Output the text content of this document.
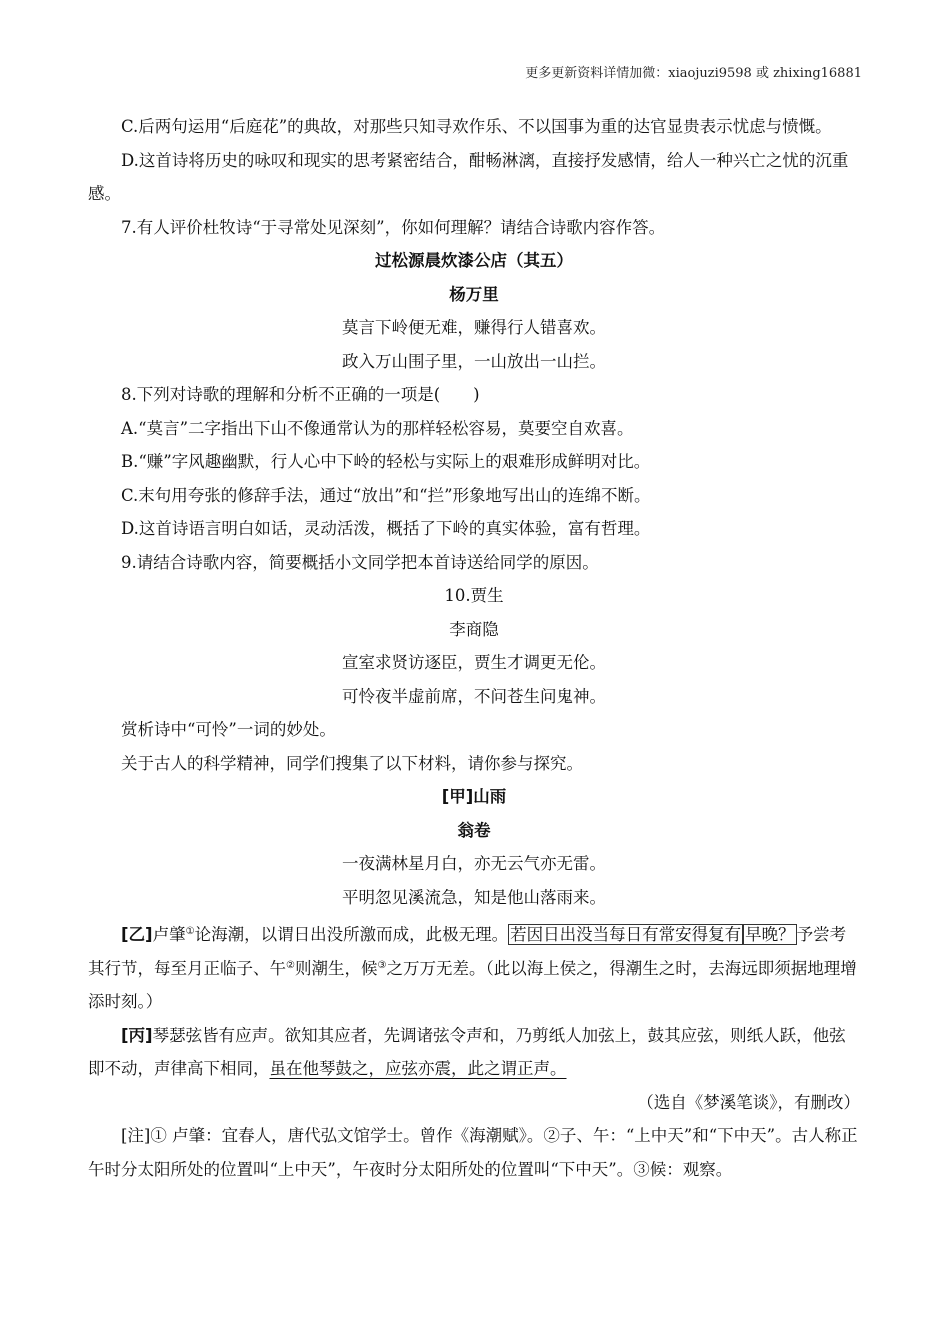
更多更新资料详情加微：xiaojuzi9598 或 zhixing16881

C.后两句运用“后庭花”的典故，对那些只知寻欢作乐、不以国事为重的达官显贵表示忧虑与愤慨。

D.这首诗将历史的咏叹和现实的思考紧密结合，酣畅淋漓，直接抒发感情，给人一种兴亡之忧的沉重感。

7.有人评价杜牧诗“于寻常处见深刻”，你如何理解？请结合诗歌内容作答。

过松源晨炊漆公店（其五）

杨万里

莫言下岭便无难，赚得行人错喜欢。

政入万山围子里，一山放出一山拦。

8.下列对诗歌的理解和分析不正确的一项是(　　)

A.“莫言”二字指出下山不像通常认为的那样轻松容易，莫要空自欢喜。

B.“赚”字风趣幽默，行人心中下岭的轻松与实际上的艰难形成鲜明对比。

C.末句用夸张的修辞手法，通过“放出”和“拦”形象地写出山的连绵不断。

D.这首诗语言明白如话，灵动活泼，概括了下岭的真实体验，富有哲理。

9.请结合诗歌内容，简要概括小文同学把本首诗送给同学的原因。

10.贾生

李商隐

宣室求贤访逐臣，贾生才调更无伦。

可怜夜半虚前席，不问苍生问鬼神。

赏析诗中“可怜”一词的妙处。

关于古人的科学精神，同学们搜集了以下材料，请你参与探究。

[甲]山雨

翁卷

一夜满林星月白，亦无云气亦无雷。

平明忽见溪流急，知是他山落雨来。

[乙]卢肇①论海潮，以谓日出没所激而成，此极无理。 若因日出没当每日有常安得复有 早晚？ 予尝考其行节，每至月正临子、午②则潮生，候③之万万无差。（此以海上侯之，得潮生之时，去海远即须据地理增添时刻。）

[丙]琴瑟弦皆有应声。欲知其应者，先调诸弦令声和，乃剪纸人加弦上，鼓其应弦，则纸人跃，他弦即不动，声律高下相同，虽在他琴鼓之，应弦亦震，此之谓正声。

（选自《梦溪笔谈》，有删改）

[注]① 卢肇：宜春人，唐代弘文馆学士。曾作《海潮赋》。②子、午：“上中天”和“下中天”。古人称正午时分太阳所处的位置叫“上中天”，午夜时分太阳所处的位置叫“下中天”。③候：观察。
